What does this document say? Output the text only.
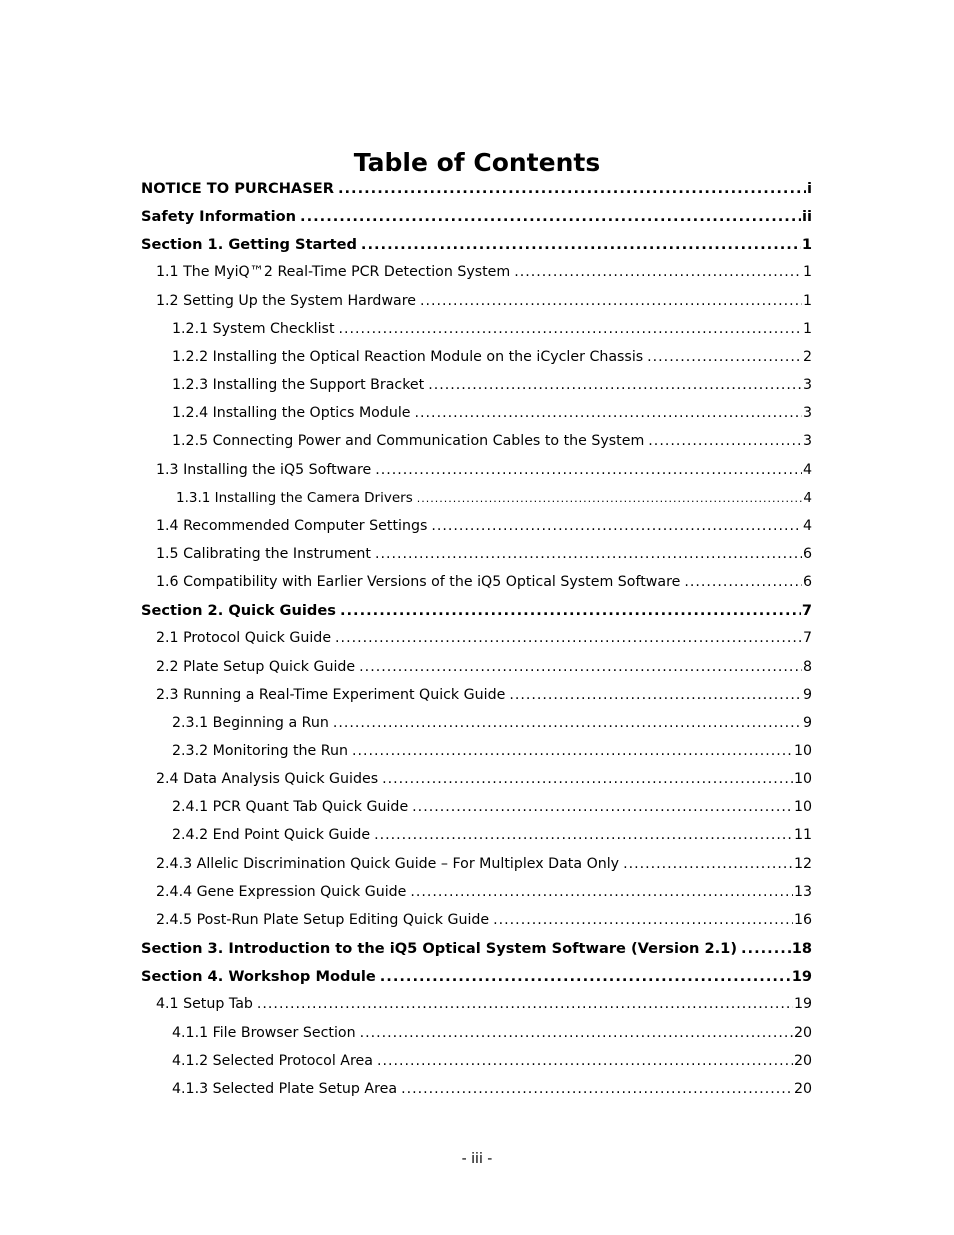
Table of Contents
NOTICE TO PURCHASER .....	i
Safety Information .....	ii
Section 1. Getting Started .....	1
1.1 The MyiQ™2 Real-Time PCR Detection System .....	1
1.2 Setting Up the System Hardware .....	1
1.2.1 System Checklist .....	1
1.2.2 Installing the Optical Reaction Module on the iCycler Chassis .....	2
1.2.3 Installing the Support Bracket .....	3
1.2.4 Installing the Optics Module .....	3
1.2.5 Connecting Power and Communication Cables to the System .....	3
1.3 Installing the iQ5 Software .....	4
1.3.1 Installing the Camera Drivers .....	4
1.4 Recommended Computer Settings .....	4
1.5 Calibrating the Instrument .....	6
1.6 Compatibility with Earlier Versions of the iQ5 Optical System Software .....	6
Section 2. Quick Guides .....	7
2.1 Protocol Quick Guide .....	7
2.2 Plate Setup Quick Guide .....	8
2.3 Running a Real-Time Experiment Quick Guide .....	9
2.3.1 Beginning a Run .....	9
2.3.2 Monitoring the Run .....	10
2.4 Data Analysis Quick Guides .....	10
2.4.1 PCR Quant Tab Quick Guide .....	10
2.4.2 End Point Quick Guide .....	11
2.4.3 Allelic Discrimination Quick Guide – For Multiplex Data Only .....	12
2.4.4 Gene Expression Quick Guide .....	13
2.4.5 Post-Run Plate Setup Editing Quick Guide .....	16
Section 3. Introduction to the iQ5 Optical System Software (Version 2.1) .....	18
Section 4. Workshop Module .....	19
4.1 Setup Tab .....	19
4.1.1 File Browser Section .....	20
4.1.2 Selected Protocol Area .....	20
4.1.3 Selected Plate Setup Area .....	20
- iii -
